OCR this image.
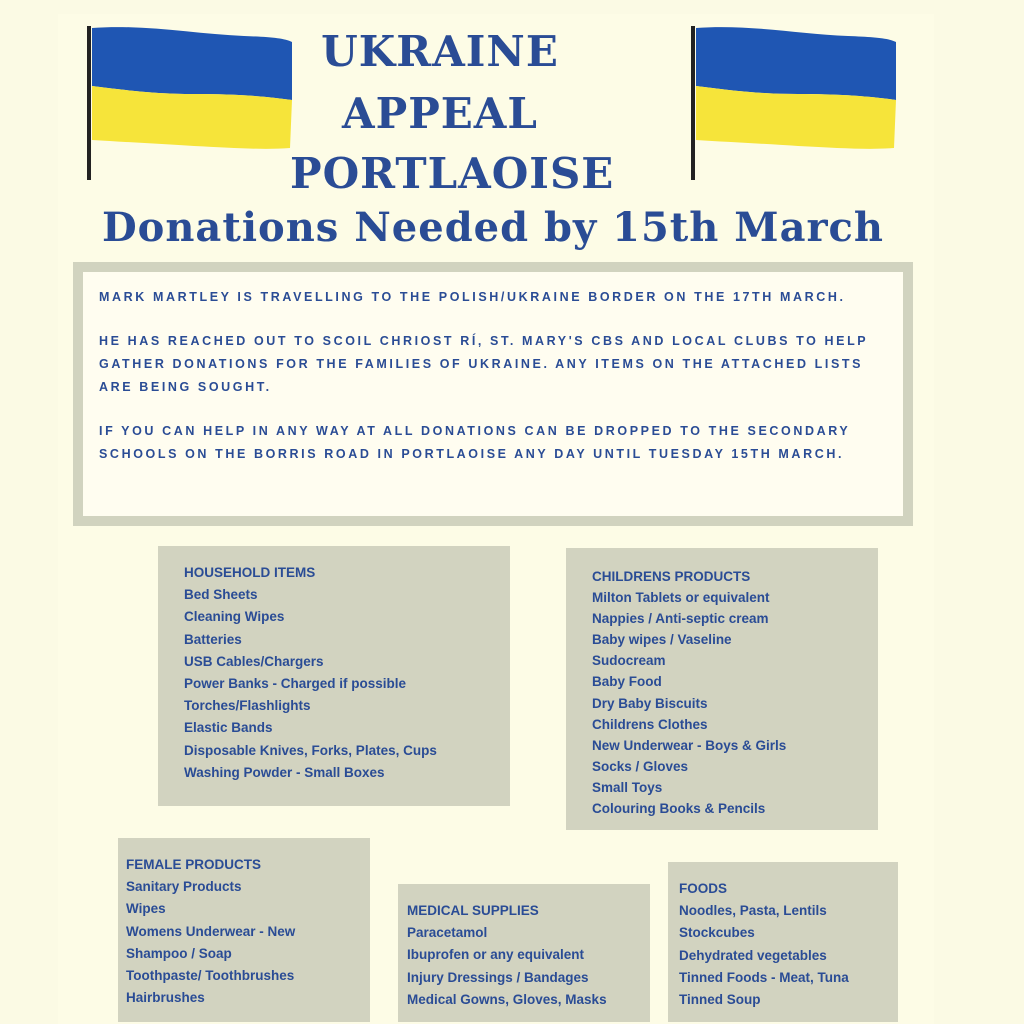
UKRAINE
APPEAL
PORTLAOISE
Donations Needed by 15th March

MARK MARTLEY IS TRAVELLING TO THE POLISH/UKRAINE BORDER ON THE 17TH MARCH.

HE HAS REACHED OUT TO SCOIL CHRIOST RÍ, ST. MARY'S CBS AND LOCAL CLUBS TO HELP GATHER DONATIONS FOR THE FAMILIES OF UKRAINE. ANY ITEMS ON THE ATTACHED LISTS ARE BEING SOUGHT.

IF YOU CAN HELP IN ANY WAY AT ALL DONATIONS CAN BE DROPPED TO THE SECONDARY SCHOOLS ON THE BORRIS ROAD IN PORTLAOISE ANY DAY UNTIL TUESDAY 15TH MARCH.

HOUSEHOLD ITEMS
Bed Sheets
Cleaning Wipes
Batteries
USB Cables/Chargers
Power Banks - Charged if possible
Torches/Flashlights
Elastic Bands
Disposable Knives, Forks, Plates, Cups
Washing Powder - Small Boxes
CHILDRENS PRODUCTS
Milton Tablets or equivalent
Nappies / Anti-septic cream
Baby wipes / Vaseline
Sudocream
Baby Food
Dry Baby Biscuits
Childrens Clothes
New Underwear - Boys & Girls
Socks / Gloves
Small Toys
Colouring Books & Pencils
FEMALE PRODUCTS
Sanitary Products
Wipes
Womens Underwear - New
Shampoo / Soap
Toothpaste/ Toothbrushes
Hairbrushes
MEDICAL SUPPLIES
Paracetamol
Ibuprofen or any equivalent
Injury Dressings / Bandages
Medical Gowns, Gloves, Masks
FOODS
Noodles, Pasta, Lentils
Stockcubes
Dehydrated vegetables
Tinned Foods - Meat, Tuna
Tinned Soup
